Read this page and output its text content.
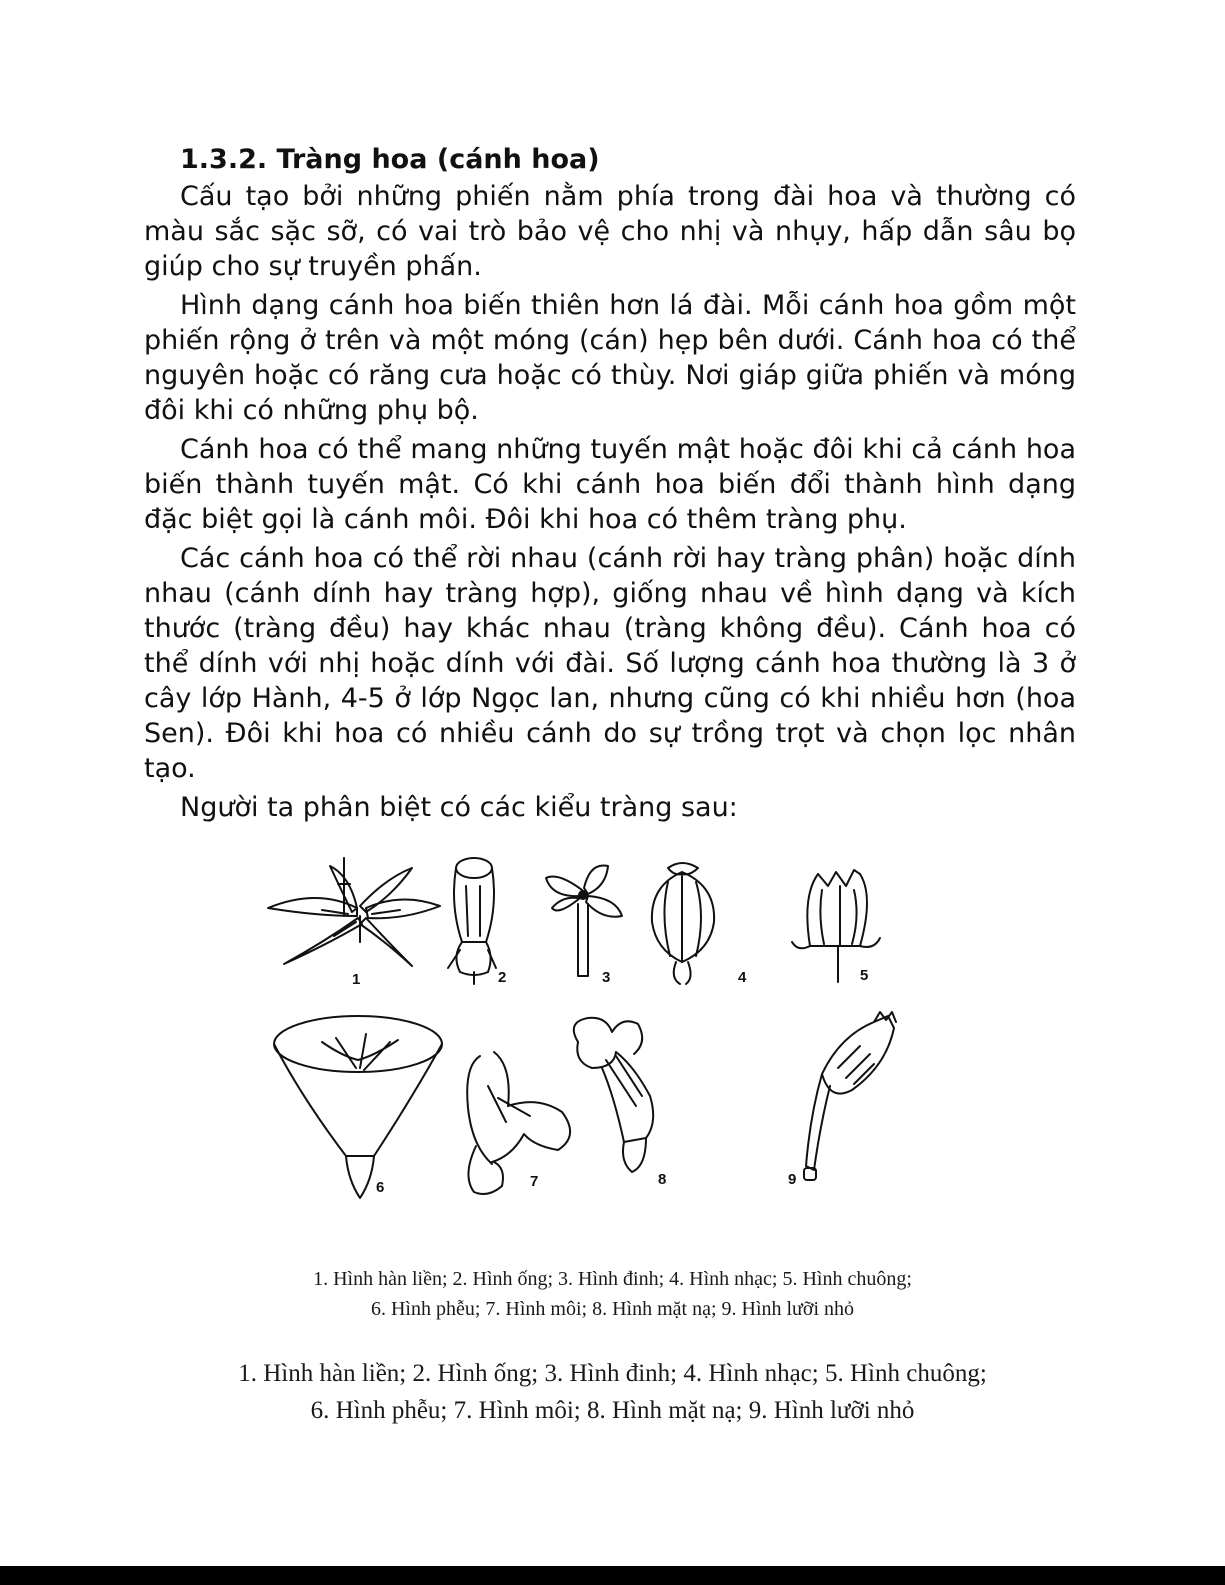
1.3.2. Tràng hoa (cánh hoa)
Cấu tạo bởi những phiến nằm phía trong đài hoa và thường có màu sắc sặc sỡ, có vai trò bảo vệ cho nhị và nhụy, hấp dẫn sâu bọ giúp cho sự truyền phấn.
Hình dạng cánh hoa biến thiên hơn lá đài. Mỗi cánh hoa gồm một phiến rộng ở trên và một móng (cán) hẹp bên dưới. Cánh hoa có thể nguyên hoặc có răng cưa hoặc có thùy. Nơi giáp giữa phiến và móng đôi khi có những phụ bộ.
Cánh hoa có thể mang những tuyến mật hoặc đôi khi cả cánh hoa biến thành tuyến mật. Có khi cánh hoa biến đổi thành hình dạng đặc biệt gọi là cánh môi. Đôi khi hoa có thêm tràng phụ.
Các cánh hoa có thể rời nhau (cánh rời hay tràng phân) hoặc dính nhau (cánh dính hay tràng hợp), giống nhau về hình dạng và kích thước (tràng đều) hay khác nhau (tràng không đều). Cánh hoa có thể dính với nhị hoặc dính với đài. Số lượng cánh hoa thường là 3 ở cây lớp Hành, 4-5 ở lớp Ngọc lan, nhưng cũng có khi nhiều hơn (hoa Sen). Đôi khi hoa có nhiều cánh do sự trồng trọt và chọn lọc nhân tạo.
Người ta phân biệt có các kiểu tràng sau:
1	2	3	4	5
6	7	8	9
1. Hình hàn liền; 2. Hình ống; 3. Hình đinh; 4. Hình nhạc; 5. Hình chuông;
6. Hình phễu; 7. Hình môi; 8. Hình mặt nạ; 9. Hình lưỡi nhỏ
1. Hình hàn liền; 2. Hình ống; 3. Hình đinh; 4. Hình nhạc; 5. Hình chuông;
6. Hình phễu; 7. Hình môi; 8. Hình mặt nạ; 9. Hình lưỡi nhỏ
